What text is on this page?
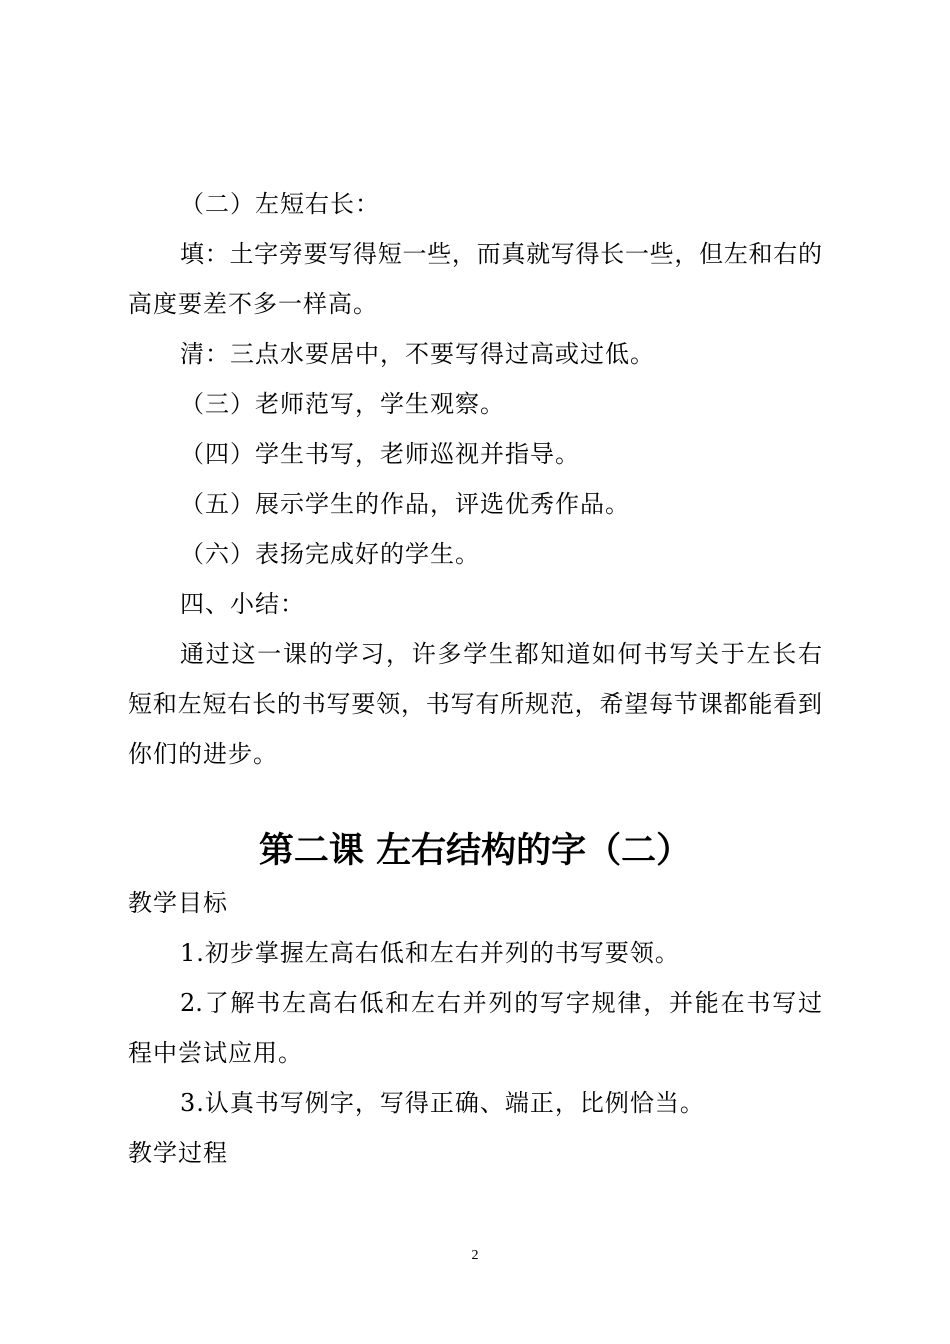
（二）左短右长：
填：土字旁要写得短一些，而真就写得长一些，但左和右的
高度要差不多一样高。
清：三点水要居中，不要写得过高或过低。
（三）老师范写，学生观察。
（四）学生书写，老师巡视并指导。
（五）展示学生的作品，评选优秀作品。
（六）表扬完成好的学生。
四、小结：
通过这一课的学习，许多学生都知道如何书写关于左长右
短和左短右长的书写要领，书写有所规范，希望每节课都能看到
你们的进步。
第二课 左右结构的字（二）
教学目标
1.初步掌握左高右低和左右并列的书写要领。
2.了解书左高右低和左右并列的写字规律，并能在书写过
程中尝试应用。
3.认真书写例字，写得正确、端正，比例恰当。
教学过程
2
